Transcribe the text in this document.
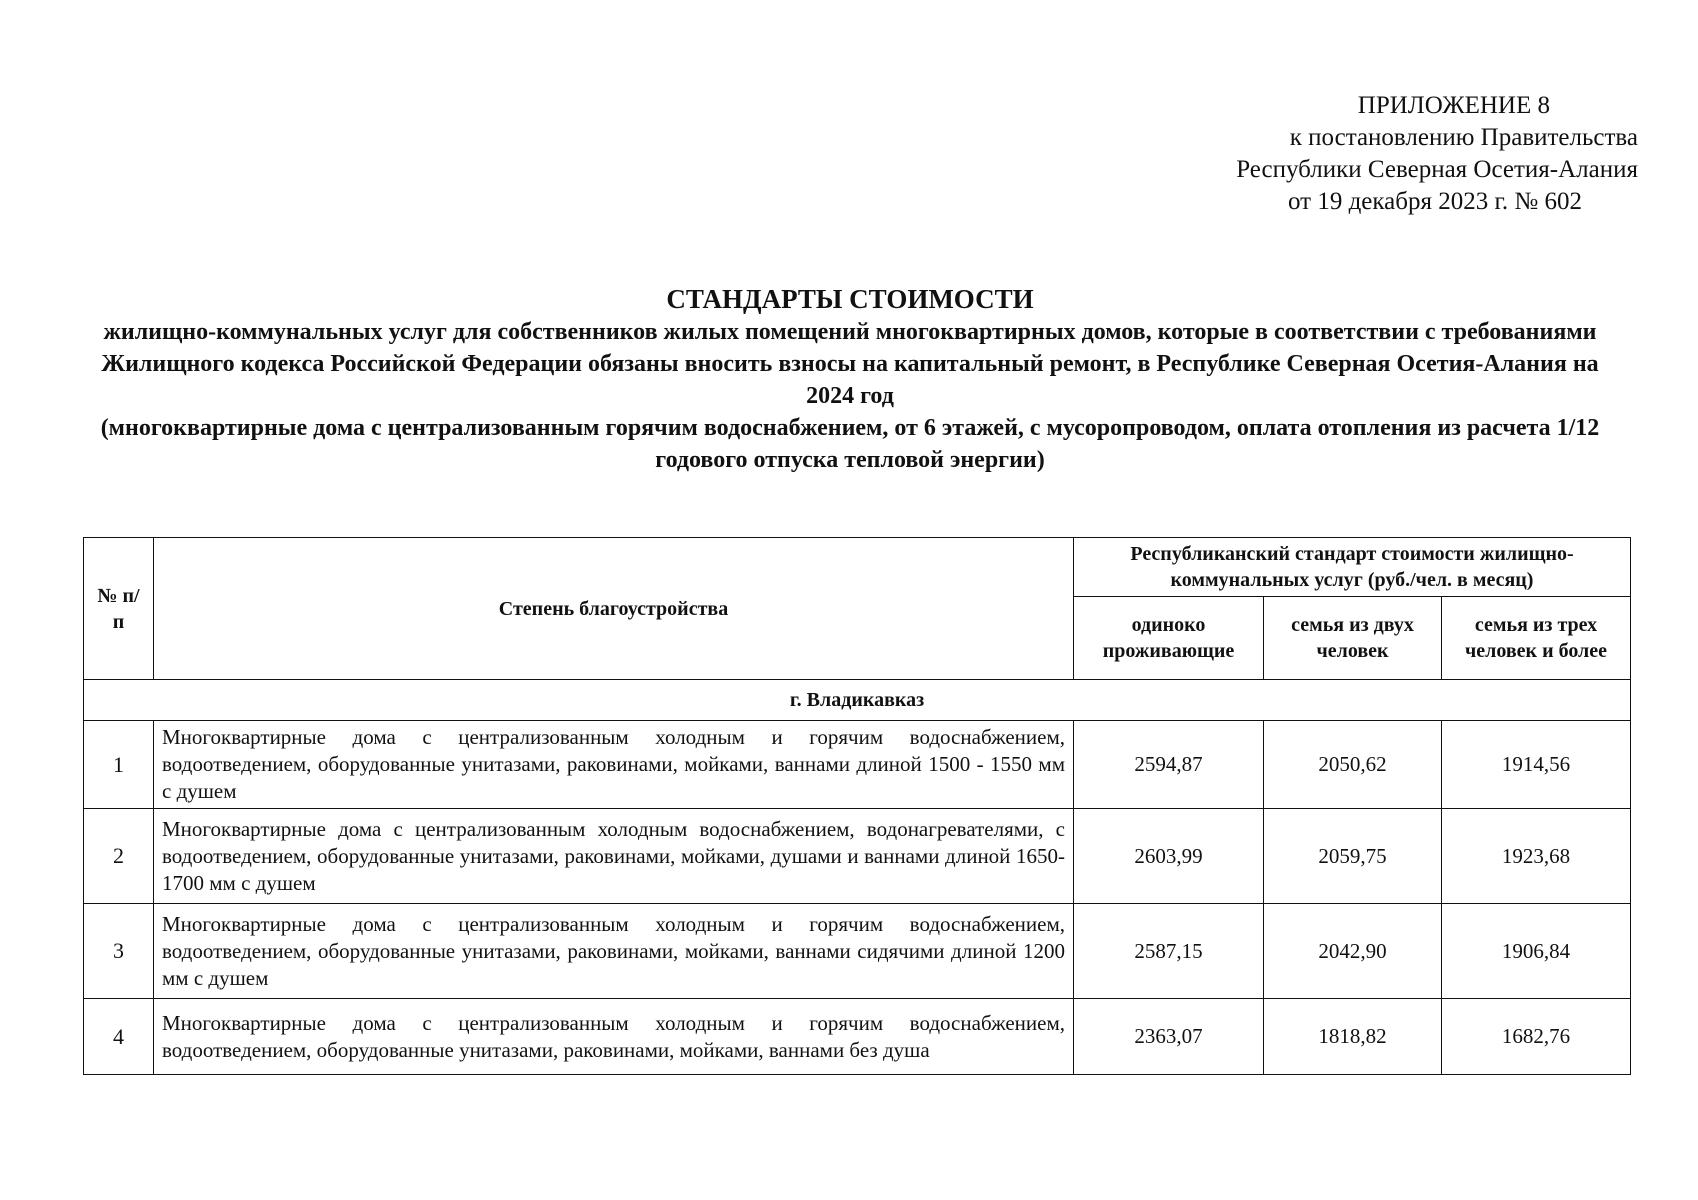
ПРИЛОЖЕНИЕ 8
к постановлению Правительства
Республики Северная Осетия-Алания
от 19 декабря 2023 г. № 602
СТАНДАРТЫ СТОИМОСТИ
жилищно-коммунальных услуг для собственников жилых помещений многоквартирных домов, которые в соответствии с требованиями Жилищного кодекса Российской Федерации обязаны вносить взносы на капитальный ремонт, в Республике Северная Осетия-Алания на 2024 год
(многоквартирные дома с централизованным горячим водоснабжением, от 6 этажей, с мусоропроводом, оплата отопления из расчета 1/12 годового отпуска тепловой энергии)
№ п/п	Степень благоустройства	Республиканский стандарт стоимости жилищно-коммунальных услуг (руб./чел. в месяц)		
		одиноко проживающие	семья из двух человек	семья из трех человек и более
г. Владикавказ				
1	Многоквартирные дома с централизованным холодным и горячим водоснабжением, водоотведением, оборудованные унитазами, раковинами, мойками, ваннами длиной 1500 - 1550 мм с душем	2594,87	2050,62	1914,56
2	Многоквартирные дома с централизованным холодным водоснабжением, водонагревателями, с водоотведением, оборудованные унитазами, раковинами, мойками, душами и ваннами длиной 1650-1700 мм с душем	2603,99	2059,75	1923,68
3	Многоквартирные дома с централизованным холодным и горячим водоснабжением, водоотведением, оборудованные унитазами, раковинами, мойками, ваннами сидячими длиной 1200 мм с душем	2587,15	2042,90	1906,84
4	Многоквартирные дома с централизованным холодным и горячим водоснабжением, водоотведением, оборудованные унитазами, раковинами, мойками, ваннами без душа	2363,07	1818,82	1682,76
